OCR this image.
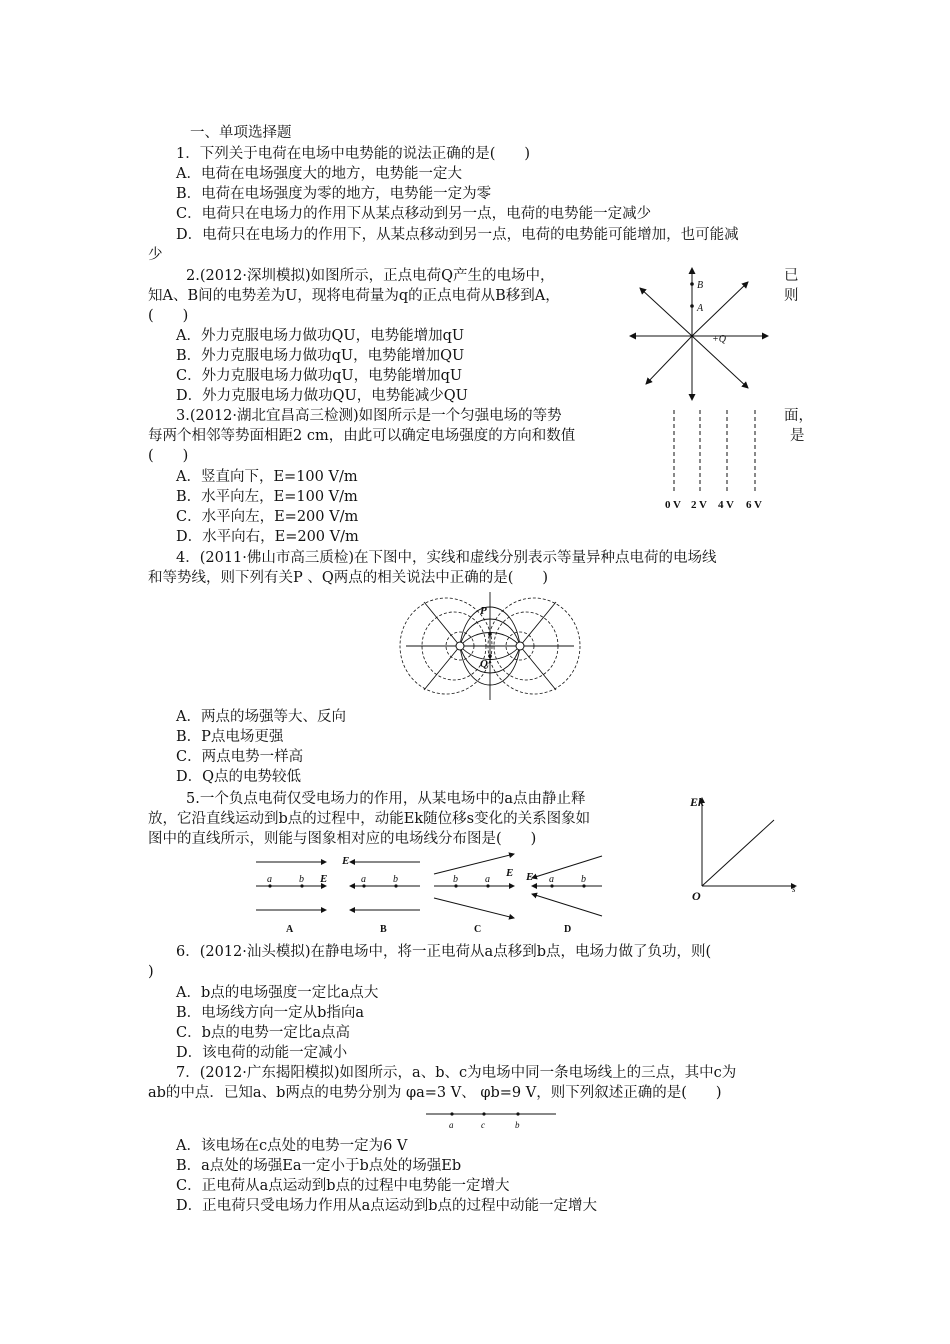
一、单项选择题
1．下列关于电荷在电场中电势能的说法正确的是(　　)
A．电荷在电场强度大的地方，电势能一定大
B．电荷在电场强度为零的地方，电势能一定为零
C．电荷只在电场力的作用下从某点移动到另一点，电荷的电势能一定减少
D．电荷只在电场力的作用下，从某点移动到另一点，电荷的电势能可能增加，也可能减
少
2.(2012·深圳模拟)如图所示，正点电荷Q产生的电场中，	已
知A、B间的电势差为U，现将电荷量为q的正点电荷从B移到A，	则
(　　)
A．外力克服电场力做功QU，电势能增加qU
B．外力克服电场力做功qU，电势能增加QU
C．外力克服电场力做功qU，电势能增加qU
D．外力克服电场力做功QU，电势能减少QU
B
A
+Q
3.(2012·湖北宜昌高三检测)如图所示是一个匀强电场的等势	面，
每两个相邻等势面相距2 cm，由此可以确定电场强度的方向和数值	是
(　　)
A．竖直向下，E=100 V/m
B．水平向左，E=100 V/m
C．水平向左，E=200 V/m
D．水平向右，E=200 V/m
0 V 2 V 4 V 6 V
4．(2011·佛山市高三质检)在下图中，实线和虚线分别表示等量异种点电荷的电场线
和等势线，则下列有关P 、Q两点的相关说法中正确的是(　　)
P
Q
A．两点的场强等大、反向
B．P点电场更强
C．两点电势一样高
D．Q点的电势较低
5.一个负点电荷仅受电场力的作用，从某电场中的a点由静止释
放，它沿直线运动到b点的过程中，动能Ek随位移s变化的关系图象如
图中的直线所示，则能与图象相对应的电场线分布图是(　　)
Ek
s
O
a	b E
A
E
a	b
B
b	a
E
C
E a	b
D
6．(2012·汕头模拟)在静电场中，将一正电荷从a点移到b点，电场力做了负功，则(
)
A．b点的电场强度一定比a点大
B．电场线方向一定从b指向a
C．b点的电势一定比a点高
D．该电荷的动能一定减小
7．(2012·广东揭阳模拟)如图所示，a、b、c为电场中同一条电场线上的三点，其中c为
ab的中点．已知a、b两点的电势分别为 φa=3 V、 φb=9 V，则下列叙述正确的是(　　)
a	c	b
A．该电场在c点处的电势一定为6 V
B．a点处的场强Ea一定小于b点处的场强Eb
C．正电荷从a点运动到b点的过程中电势能一定增大
D．正电荷只受电场力作用从a点运动到b点的过程中动能一定增大
